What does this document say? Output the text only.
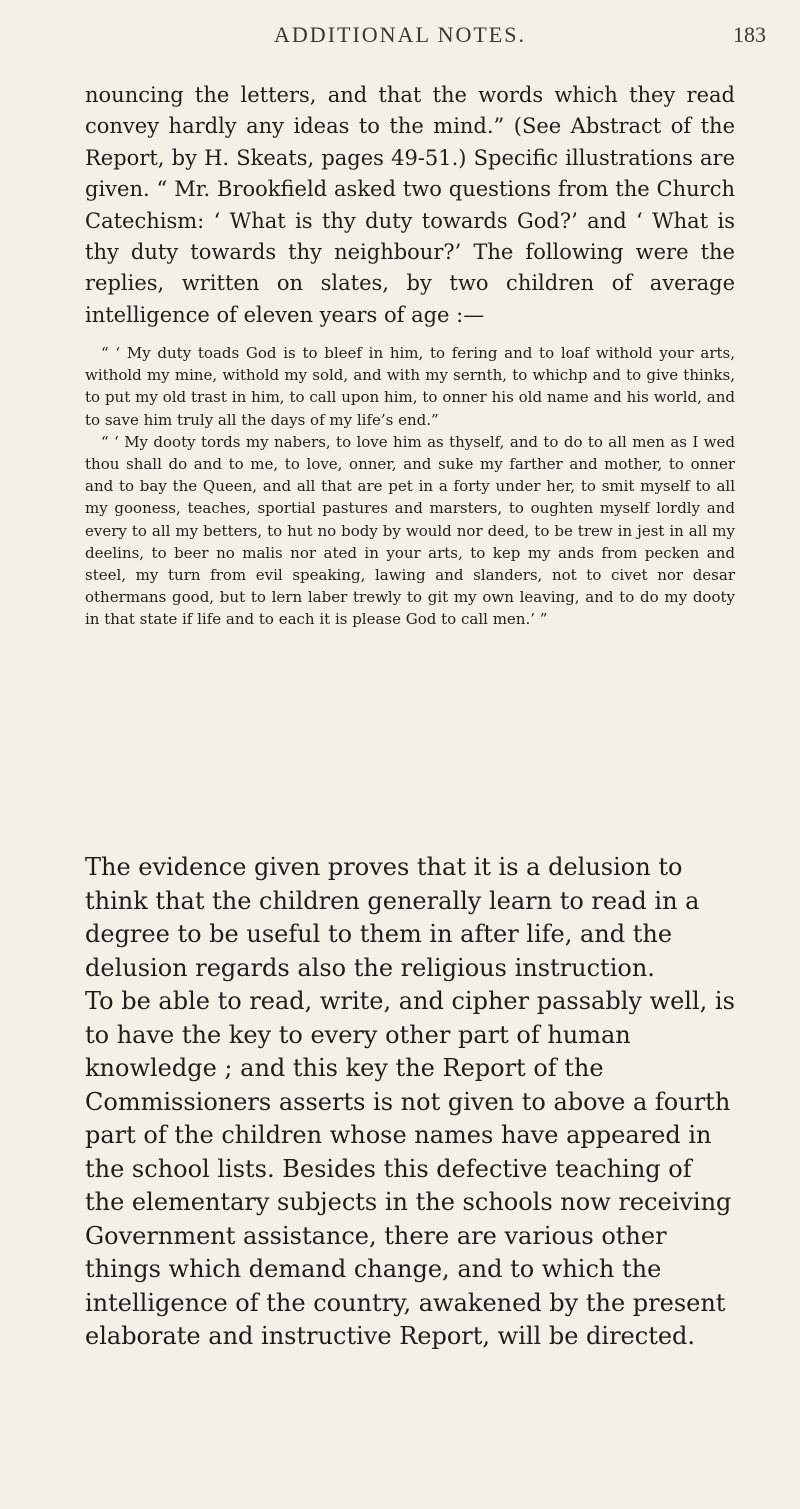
ADDITIONAL NOTES.	183

nouncing the letters, and that the words which they read convey hardly any ideas to the mind.” (See Abstract of the Report, by H. Skeats, pages 49-51.) Specific illustrations are given. “ Mr. Brookfield asked two questions from the Church Catechism: ‘ What is thy duty towards God?’ and ‘ What is thy duty towards thy neighbour?’ The following were the replies, written on slates, by two children of average intelligence of eleven years of age :—

“ ‘ My duty toads God is to bleef in him, to fering and to loaf withold your arts, withold my mine, withold my sold, and with my sernth, to whichp and to give thinks, to put my old trast in him, to call upon him, to onner his old name and his world, and to save him truly all the days of my life’s end.”

“ ‘ My dooty tords my nabers, to love him as thyself, and to do to all men as I wed thou shall do and to me, to love, onner, and suke my farther and mother, to onner and to bay the Queen, and all that are pet in a forty under her, to smit myself to all my gooness, teaches, sportial pastures and marsters, to oughten myself lordly and every to all my betters, to hut no body by would nor deed, to be trew in jest in all my deelins, to beer no malis nor ated in your arts, to kep my ands from pecken and steel, my turn from evil speaking, lawing and slanders, not to civet nor desar othermans good, but to lern laber trewly to git my own leaving, and to do my dooty in that state if life and to each it is please God to call men.’ ”

The evidence given proves that it is a delusion to think that the children generally learn to read in a degree to be useful to them in after life, and the delusion regards also the religious instruction.

To be able to read, write, and cipher passably well, is to have the key to every other part of human knowledge ; and this key the Report of the Commissioners asserts is not given to above a fourth part of the children whose names have appeared in the school lists. Besides this defective teaching of the elementary subjects in the schools now receiving Government assistance, there are various other things which demand change, and to which the intelligence of the country, awakened by the present elaborate and instructive Report, will be directed.
